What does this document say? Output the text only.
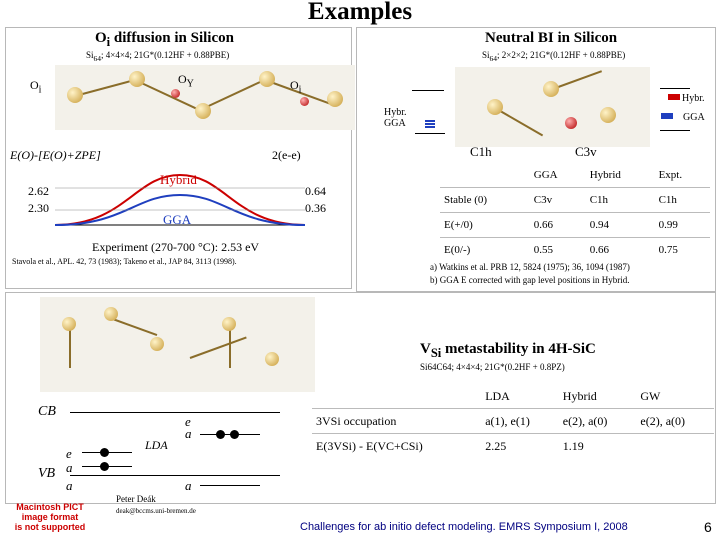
Examples
$O_i$ diffusion in Silicon
$Si_{64}$; 4×4×4; 21G*(0.12HF + 0.88PBE)
$O_i$
$O_Y$	$O_i$
E(O)-[E(O)+ZPE]	2(e-e)
Hybrid
GGA
2.62
2.30
0.64
0.36
Experiment (270-700 °C): 2.53 eV
Stavola et al., APL. 42, 73 (1983); Takeno et al., JAP 84, 3113 (1998).
Neutral BI in Silicon
$Si_{64}$; 2×2×2; 21G*(0.12HF + 0.88PBE)
Hybr.
GGA
Hybr.
GGA
C1h	C3v
	GGA	Hybrid	Expt.
Stable (0)	C3v	C1h	C1h
E(+/0)	0.66	0.94	0.99
E(0/-)	0.55	0.66	0.75
a) Watkins et al. PRB 12, 5824 (1975); 36, 1094 (1987)
b) GGA E corrected with gap level positions in Hybrid.
$V_{Si}$ metastability in 4H-SiC
Si64C64; 4×4×4; 21G*(0.2HF + 0.8PZ)
CB
VB
LDA
e
a
a
e
a
a
	LDA	Hybrid	GW
3VSi occupation	a(1), e(1)	e(2), a(0)	e(2), a(0)
E(3VSi) - E(VC+CSi)	2.25	1.19	
Macintosh PICT
image format
is not supported
Peter Deák
deak@bccms.uni-bremen.de
Challenges for ab initio defect modeling. EMRS Symposium I, 2008	6
